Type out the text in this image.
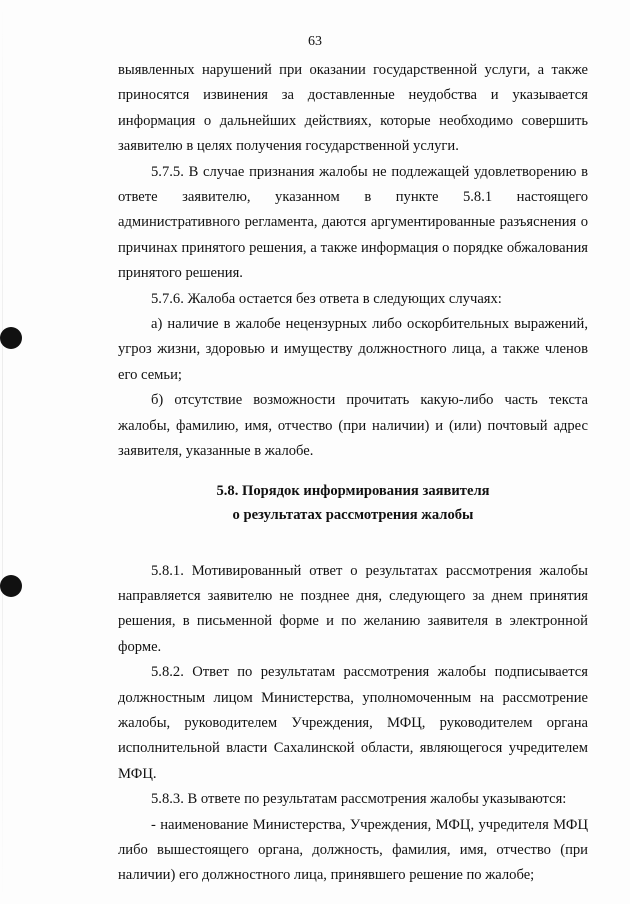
63

выявленных нарушений при оказании государственной услуги, а также приносятся извинения за доставленные неудобства и указывается информация о дальнейших действиях, которые необходимо совершить заявителю в целях получения государственной услуги.

5.7.5. В случае признания жалобы не подлежащей удовлетворению в ответе заявителю, указанном в пункте 5.8.1 настоящего административного регламента, даются аргументированные разъяснения о причинах принятого решения, а также информация о порядке обжалования принятого решения.

5.7.6. Жалоба остается без ответа в следующих случаях:

а) наличие в жалобе нецензурных либо оскорбительных выражений, угроз жизни, здоровью и имуществу должностного лица, а также членов его семьи;

б) отсутствие возможности прочитать какую-либо часть текста жалобы, фамилию, имя, отчество (при наличии) и (или) почтовый адрес заявителя, указанные в жалобе.

5.8. Порядок информирования заявителя
о результатах рассмотрения жалобы

5.8.1. Мотивированный ответ о результатах рассмотрения жалобы направляется заявителю не позднее дня, следующего за днем принятия решения, в письменной форме и по желанию заявителя в электронной форме.

5.8.2. Ответ по результатам рассмотрения жалобы подписывается должностным лицом Министерства, уполномоченным на рассмотрение жалобы, руководителем Учреждения, МФЦ, руководителем органа исполнительной власти Сахалинской области, являющегося учредителем МФЦ.

5.8.3. В ответе по результатам рассмотрения жалобы указываются:

- наименование Министерства, Учреждения, МФЦ, учредителя МФЦ либо вышестоящего органа, должность, фамилия, имя, отчество (при наличии) его должностного лица, принявшего решение по жалобе;
